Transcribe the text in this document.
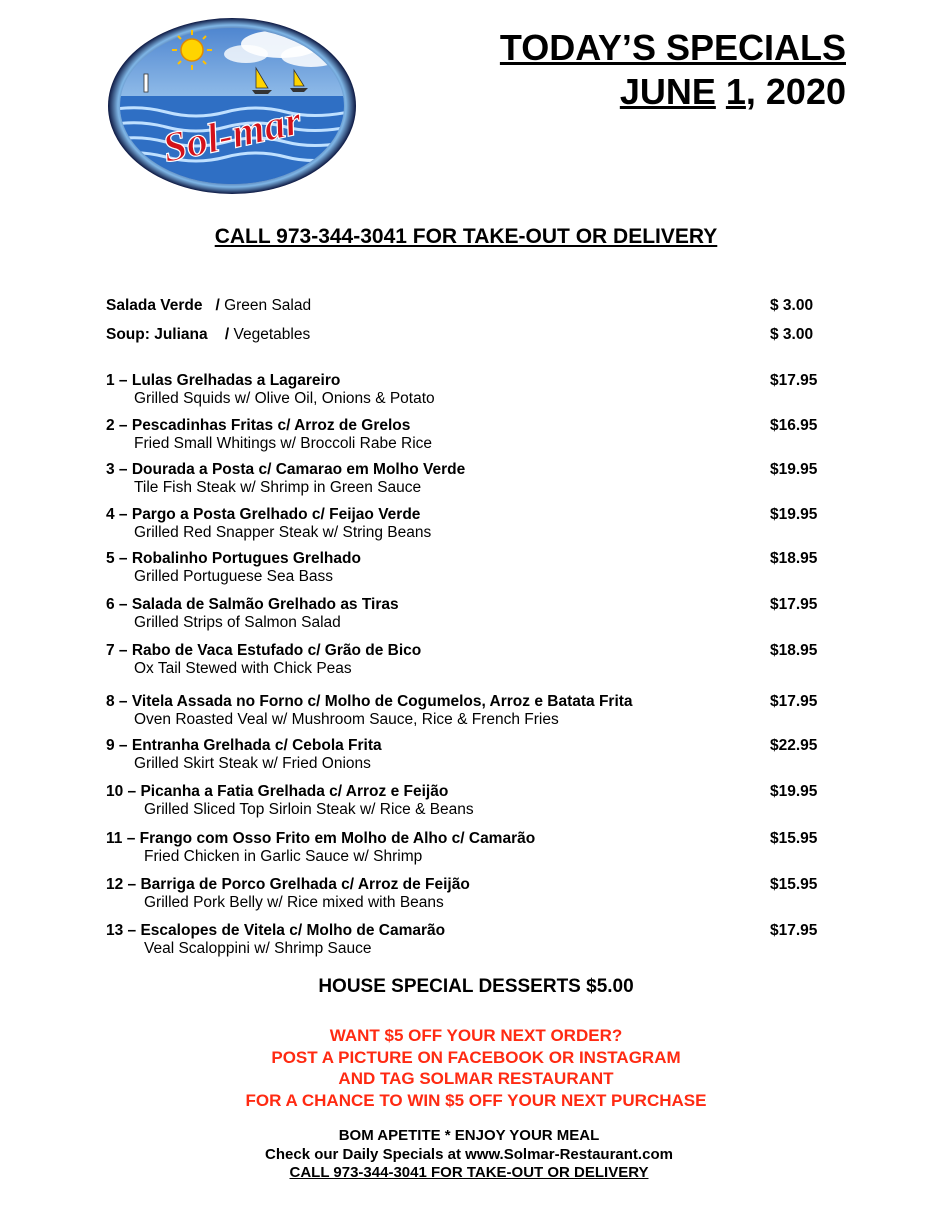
Sol-mar
TODAY’S SPECIALS
JUNE 1, 2020
CALL 973-344-3041 FOR TAKE-OUT OR DELIVERY
Salada Verde / Green Salad	$ 3.00
Soup: Juliana / Vegetables	$ 3.00
1 – Lulas Grelhadas a Lagareiro
Grilled Squids w/ Olive Oil, Onions & Potato
$17.95
2 – Pescadinhas Fritas c/ Arroz de Grelos
Fried Small Whitings w/ Broccoli Rabe Rice
$16.95
3 – Dourada a Posta c/ Camarao em Molho Verde
Tile Fish Steak w/ Shrimp in Green Sauce
$19.95
4 – Pargo a Posta Grelhado c/ Feijao Verde
Grilled Red Snapper Steak w/ String Beans
$19.95
5 – Robalinho Portugues Grelhado
Grilled Portuguese Sea Bass
$18.95
6 – Salada de Salmão Grelhado as Tiras
Grilled Strips of Salmon Salad
$17.95
7 – Rabo de Vaca Estufado c/ Grão de Bico
Ox Tail Stewed with Chick Peas
$18.95
8 – Vitela Assada no Forno c/ Molho de Cogumelos, Arroz e Batata Frita
Oven Roasted Veal w/ Mushroom Sauce, Rice & French Fries
$17.95
9 – Entranha Grelhada c/ Cebola Frita
Grilled Skirt Steak w/ Fried Onions
$22.95
10 – Picanha a Fatia Grelhada c/ Arroz e Feijão
Grilled Sliced Top Sirloin Steak w/ Rice & Beans
$19.95
11 – Frango com Osso Frito em Molho de Alho c/ Camarão
Fried Chicken in Garlic Sauce w/ Shrimp
$15.95
12 – Barriga de Porco Grelhada c/ Arroz de Feijão
Grilled Pork Belly w/ Rice mixed with Beans
$15.95
13 – Escalopes de Vitela c/ Molho de Camarão
Veal Scaloppini w/ Shrimp Sauce
$17.95
HOUSE SPECIAL DESSERTS $5.00
WANT $5 OFF YOUR NEXT ORDER?
POST A PICTURE ON FACEBOOK OR INSTAGRAM
AND TAG SOLMAR RESTAURANT
FOR A CHANCE TO WIN $5 OFF YOUR NEXT PURCHASE
BOM APETITE * ENJOY YOUR MEAL
Check our Daily Specials at www.Solmar-Restaurant.com
CALL 973-344-3041 FOR TAKE-OUT OR DELIVERY
